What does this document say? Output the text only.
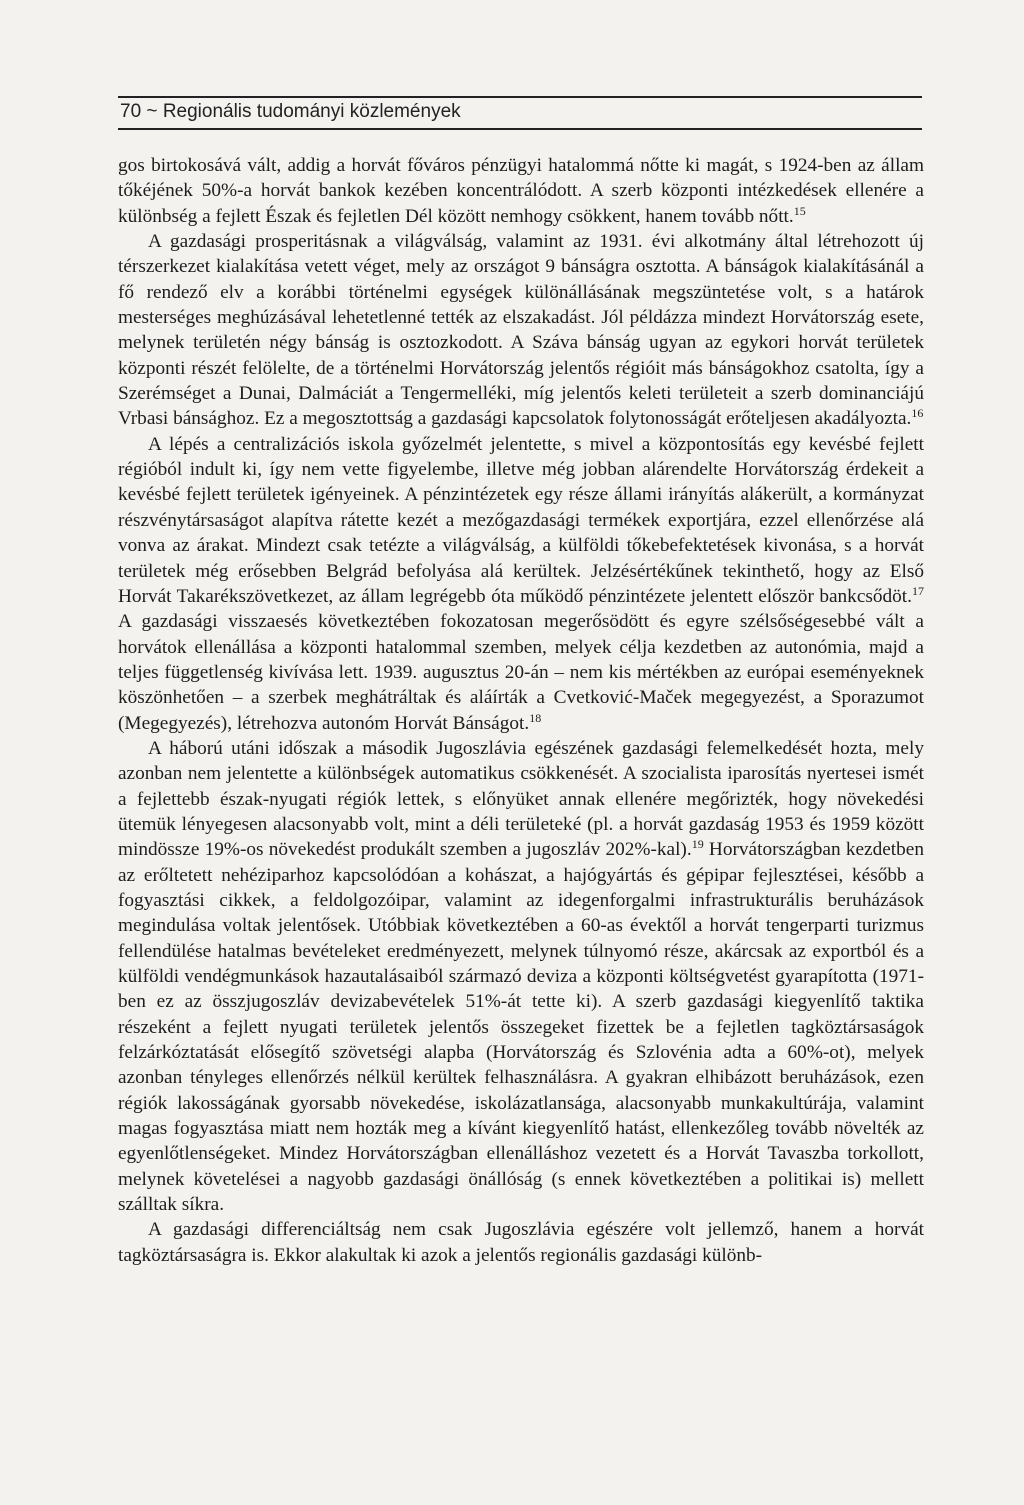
70 ~ Regionális tudományi közlemények

gos birtokosává vált, addig a horvát főváros pénzügyi hatalommá nőtte ki magát, s 1924-ben az állam tőkéjének 50%-a horvát bankok kezében koncentrálódott. A szerb központi intézkedések ellenére a különbség a fejlett Észak és fejletlen Dél között nemhogy csökkent, hanem tovább nőtt.$^{15}$

A gazdasági prosperitásnak a világválság, valamint az 1931. évi alkotmány által létrehozott új térszerkezet kialakítása vetett véget, mely az országot 9 bánságra osztotta. A bánságok kialakításánál a fő rendező elv a korábbi történelmi egységek különállásának megszüntetése volt, s a határok mesterséges meghúzásával lehetetlenné tették az elszakadást. Jól példázza mindezt Horvátország esete, melynek területén négy bánság is osztozkodott. A Száva bánság ugyan az egykori horvát területek központi részét felölelte, de a történelmi Horvátország jelentős régióit más bánságokhoz csatolta, így a Szerémséget a Dunai, Dalmáciát a Tengermelléki, míg jelentős keleti területeit a szerb dominanciájú Vrbasi bánsághoz. Ez a megosztottság a gazdasági kapcsolatok folytonosságát erőteljesen akadályozta.$^{16}$

A lépés a centralizációs iskola győzelmét jelentette, s mivel a központosítás egy kevésbé fejlett régióból indult ki, így nem vette figyelembe, illetve még jobban alárendelte Horvátország érdekeit a kevésbé fejlett területek igényeinek. A pénzintézetek egy része állami irányítás alákerült, a kormányzat részvénytársaságot alapítva rátette kezét a mezőgazdasági termékek exportjára, ezzel ellenőrzése alá vonva az árakat. Mindezt csak tetézte a világválság, a külföldi tőkebefektetések kivonása, s a horvát területek még erősebben Belgrád befolyása alá kerültek. Jelzésértékűnek tekinthető, hogy az Első Horvát Takarékszövetkezet, az állam legrégebb óta működő pénzintézete jelentett először bankcsődöt.$^{17}$ A gazdasági visszaesés következtében fokozatosan megerősödött és egyre szélsőségesebbé vált a horvátok ellenállása a központi hatalommal szemben, melyek célja kezdetben az autonómia, majd a teljes függetlenség kivívása lett. 1939. augusztus 20-án – nem kis mértékben az európai eseményeknek köszönhetően – a szerbek meghátráltak és aláírták a Cvetković-Maček megegyezést, a Sporazumot (Megegyezés), létrehozva autonóm Horvát Bánságot.$^{18}$

A háború utáni időszak a második Jugoszlávia egészének gazdasági felemelkedését hozta, mely azonban nem jelentette a különbségek automatikus csökkenését. A szocialista iparosítás nyertesei ismét a fejlettebb észak-nyugati régiók lettek, s előnyüket annak ellenére megőrizték, hogy növekedési ütemük lényegesen alacsonyabb volt, mint a déli területeké (pl. a horvát gazdaság 1953 és 1959 között mindössze 19%-os növekedést produkált szemben a jugoszláv 202%-kal).$^{19}$ Horvátországban kezdetben az erőltetett nehéziparhoz kapcsolódóan a kohászat, a hajógyártás és gépipar fejlesztései, később a fogyasztási cikkek, a feldolgozóipar, valamint az idegenforgalmi infrastrukturális beruházások megindulása voltak jelentősek. Utóbbiak következtében a 60-as évektől a horvát tengerparti turizmus fellendülése hatalmas bevételeket eredményezett, melynek túlnyomó része, akárcsak az exportból és a külföldi vendégmunkások hazautalásaiból származó deviza a központi költségvetést gyarapította (1971-ben ez az összjugoszláv devizabevételek 51%-át tette ki). A szerb gazdasági kiegyenlítő taktika részeként a fejlett nyugati területek jelentős összegeket fizettek be a fejletlen tagköztársaságok felzárkóztatását elősegítő szövetségi alapba (Horvátország és Szlovénia adta a 60%-ot), melyek azonban tényleges ellenőrzés nélkül kerültek felhasználásra. A gyakran elhibázott beruházások, ezen régiók lakosságának gyorsabb növekedése, iskolázatlansága, alacsonyabb munkakultúrája, valamint magas fogyasztása miatt nem hozták meg a kívánt kiegyenlítő hatást, ellenkezőleg tovább növelték az egyenlőtlenségeket. Mindez Horvátországban ellenálláshoz vezetett és a Horvát Tavaszba torkollott, melynek követelései a nagyobb gazdasági önállóság (s ennek következtében a politikai is) mellett szálltak síkra.

A gazdasági differenciáltság nem csak Jugoszlávia egészére volt jellemző, hanem a horvát tagköztársaságra is. Ekkor alakultak ki azok a jelentős regionális gazdasági különb-
